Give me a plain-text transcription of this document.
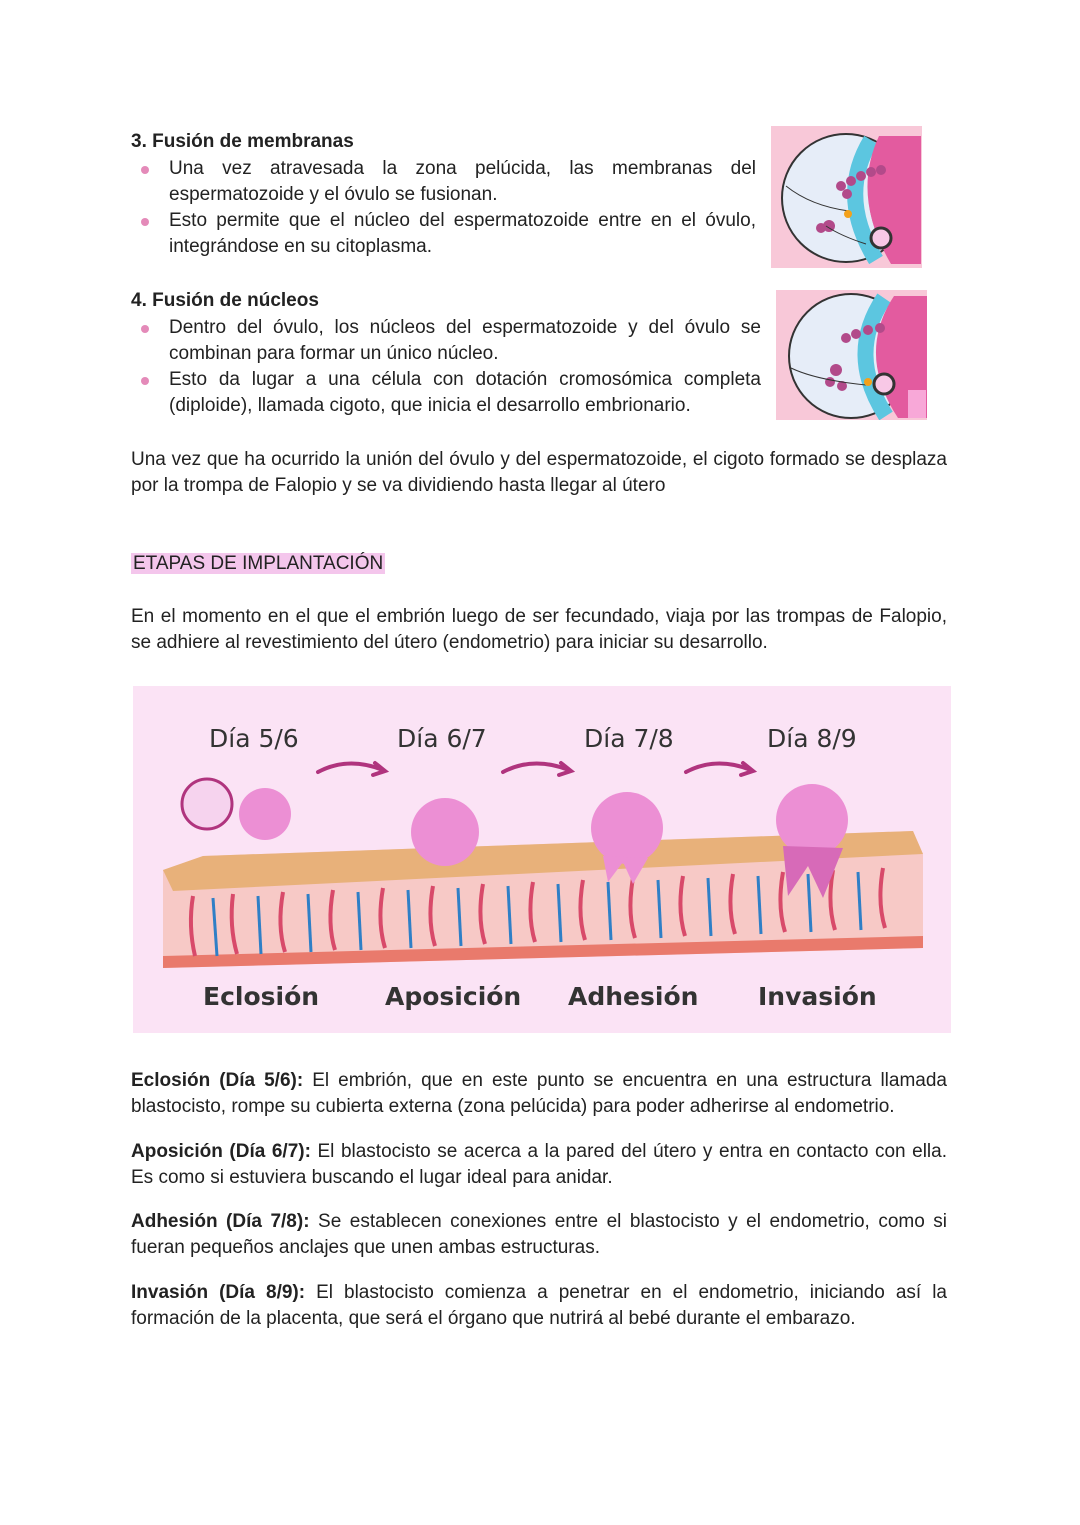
3. Fusión de membranas
Una vez atravesada la zona pelúcida, las membranas del espermatozoide y el óvulo se fusionan.
Esto permite que el núcleo del espermatozoide entre en el óvulo, integrándose en su citoplasma.
4. Fusión de núcleos
Dentro del óvulo, los núcleos del espermatozoide y del óvulo se combinan para formar un único núcleo.
Esto da lugar a una célula con dotación cromosómica completa (diploide), llamada cigoto, que inicia el desarrollo embrionario.
Una vez que ha ocurrido la unión del óvulo y del espermatozoide, el cigoto formado se desplaza por la trompa de Falopio y se va dividiendo hasta llegar al útero
ETAPAS DE IMPLANTACIÓN
En el momento en el que el embrión luego de ser fecundado, viaja por las trompas de Falopio, se adhiere al revestimiento del útero (endometrio) para iniciar su desarrollo.
Día 5/6	Día 6/7	Día 7/8	Día 8/9
Eclosión	Aposición Adhesión Invasión
Eclosión (Día 5/6): El embrión, que en este punto se encuentra en una estructura llamada blastocisto, rompe su cubierta externa (zona pelúcida) para poder adherirse al endometrio.
Aposición (Día 6/7): El blastocisto se acerca a la pared del útero y entra en contacto con ella. Es como si estuviera buscando el lugar ideal para anidar.
Adhesión (Día 7/8): Se establecen conexiones entre el blastocisto y el endometrio, como si fueran pequeños anclajes que unen ambas estructuras.
Invasión (Día 8/9): El blastocisto comienza a penetrar en el endometrio, iniciando así la formación de la placenta, que será el órgano que nutrirá al bebé durante el embarazo.
